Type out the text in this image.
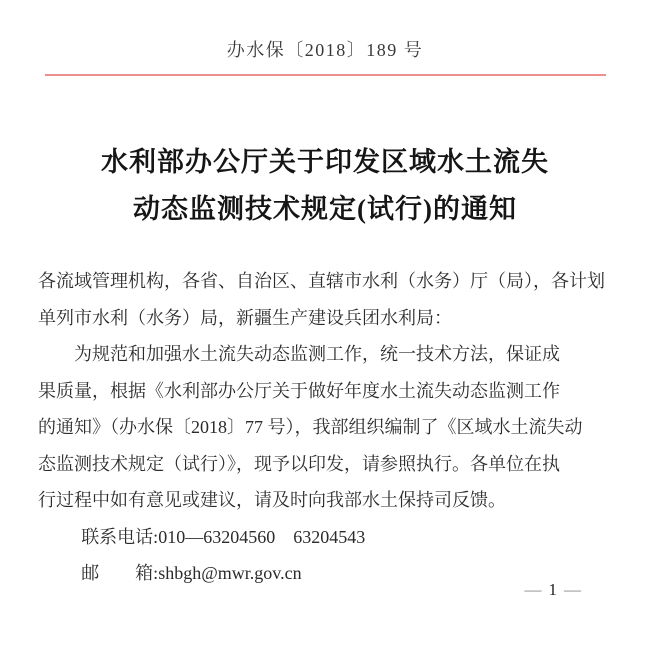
办水保〔2018〕189 号
水利部办公厅关于印发区域水土流失
动态监测技术规定(试行)的通知
各流域管理机构，各省、自治区、直辖市水利（水务）厅（局），各计划
单列市水利（水务）局，新疆生产建设兵团水利局：
为规范和加强水土流失动态监测工作，统一技术方法，保证成
果质量，根据《水利部办公厅关于做好年度水土流失动态监测工作
的通知》（办水保〔2018〕77 号），我部组织编制了《区域水土流失动
态监测技术规定（试行）》，现予以印发，请参照执行。各单位在执
行过程中如有意见或建议，请及时向我部水土保持司反馈。
联系电话:010—63204560　63204543
邮　　箱:shbgh@mwr.gov.cn
— 1 —
